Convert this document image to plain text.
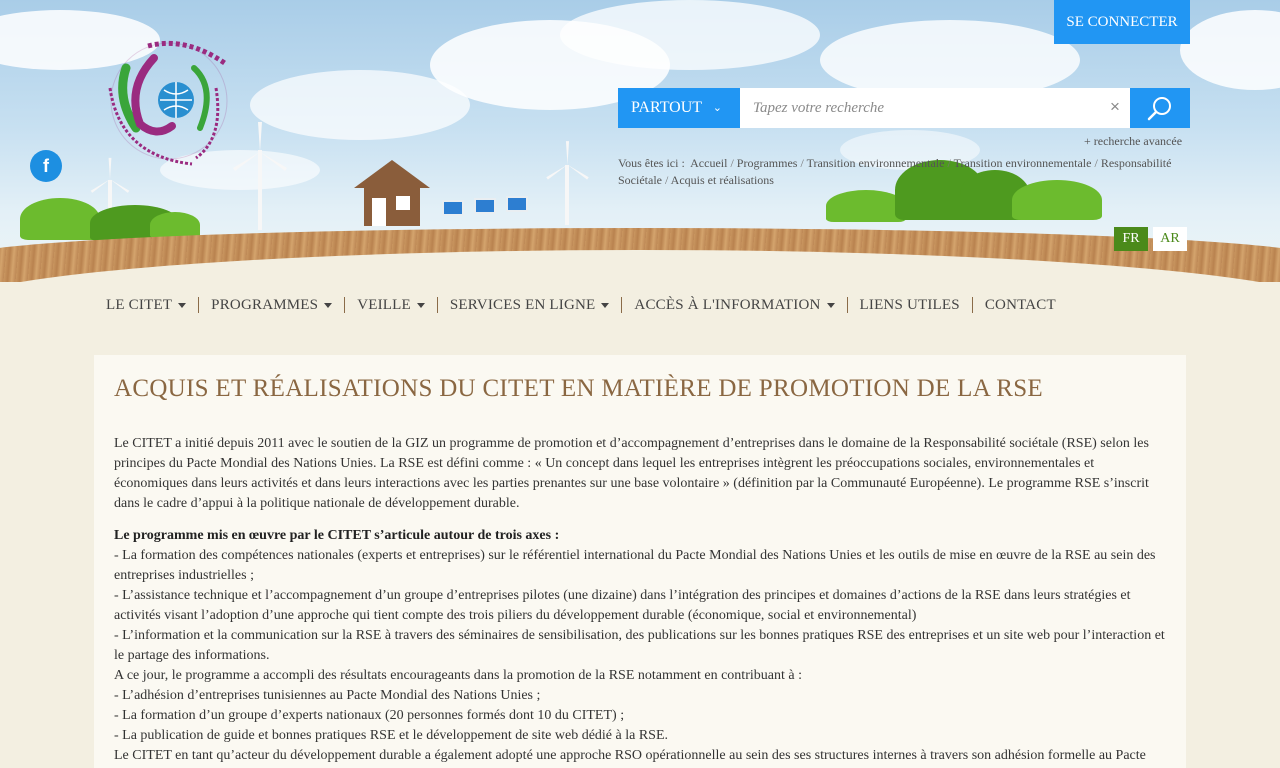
f
SE CONNECTER
PARTOUT ⌄
Tapez votre recherche	×
+ recherche avancée
Vous êtes ici : Accueil / Programmes / Transition environnementale / Transition environnementale / Responsabilité Sociétale / Acquis et réalisations
FR	AR
LE CITET	PROGRAMMES	VEILLE	SERVICES EN LIGNE	ACCÈS À L'INFORMATION	LIENS UTILES CONTACT
ACQUIS ET RÉALISATIONS DU CITET EN MATIÈRE DE PROMOTION DE LA RSE

Le CITET a initié depuis 2011 avec le soutien de la GIZ un programme de promotion et d’accompagnement d’entreprises dans le domaine de la Responsabilité sociétale (RSE) selon les principes du Pacte Mondial des Nations Unies. La RSE est défini comme : « Un concept dans lequel les entreprises intègrent les préoccupations sociales, environnementales et économiques dans leurs activités et dans leurs interactions avec les parties prenantes sur une base volontaire » (définition par la Communauté Européenne). Le programme RSE s’inscrit dans le cadre d’appui à la politique nationale de développement durable.

Le programme mis en œuvre par le CITET s’articule autour de trois axes :
- La formation des compétences nationales (experts et entreprises) sur le référentiel international du Pacte Mondial des Nations Unies et les outils de mise en œuvre de la RSE au sein des entreprises industrielles ;
- L’assistance technique et l’accompagnement d’un groupe d’entreprises pilotes (une dizaine) dans l’intégration des principes et domaines d’actions de la RSE dans leurs stratégies et activités visant l’adoption d’une approche qui tient compte des trois piliers du développement durable (économique, social et environnemental)
- L’information et la communication sur la RSE à travers des séminaires de sensibilisation, des publications sur les bonnes pratiques RSE des entreprises et un site web pour l’interaction et le partage des informations.
A ce jour, le programme a accompli des résultats encourageants dans la promotion de la RSE notamment en contribuant à :
- L’adhésion d’entreprises tunisiennes au Pacte Mondial des Nations Unies ;
- La formation d’un groupe d’experts nationaux (20 personnes formés dont 10 du CITET) ;
- La publication de guide et bonnes pratiques RSE et le développement de site web dédié à la RSE.
Le CITET en tant qu’acteur du développement durable a également adopté une approche RSO opérationnelle au sein des ses structures internes à travers son adhésion formelle au Pacte
